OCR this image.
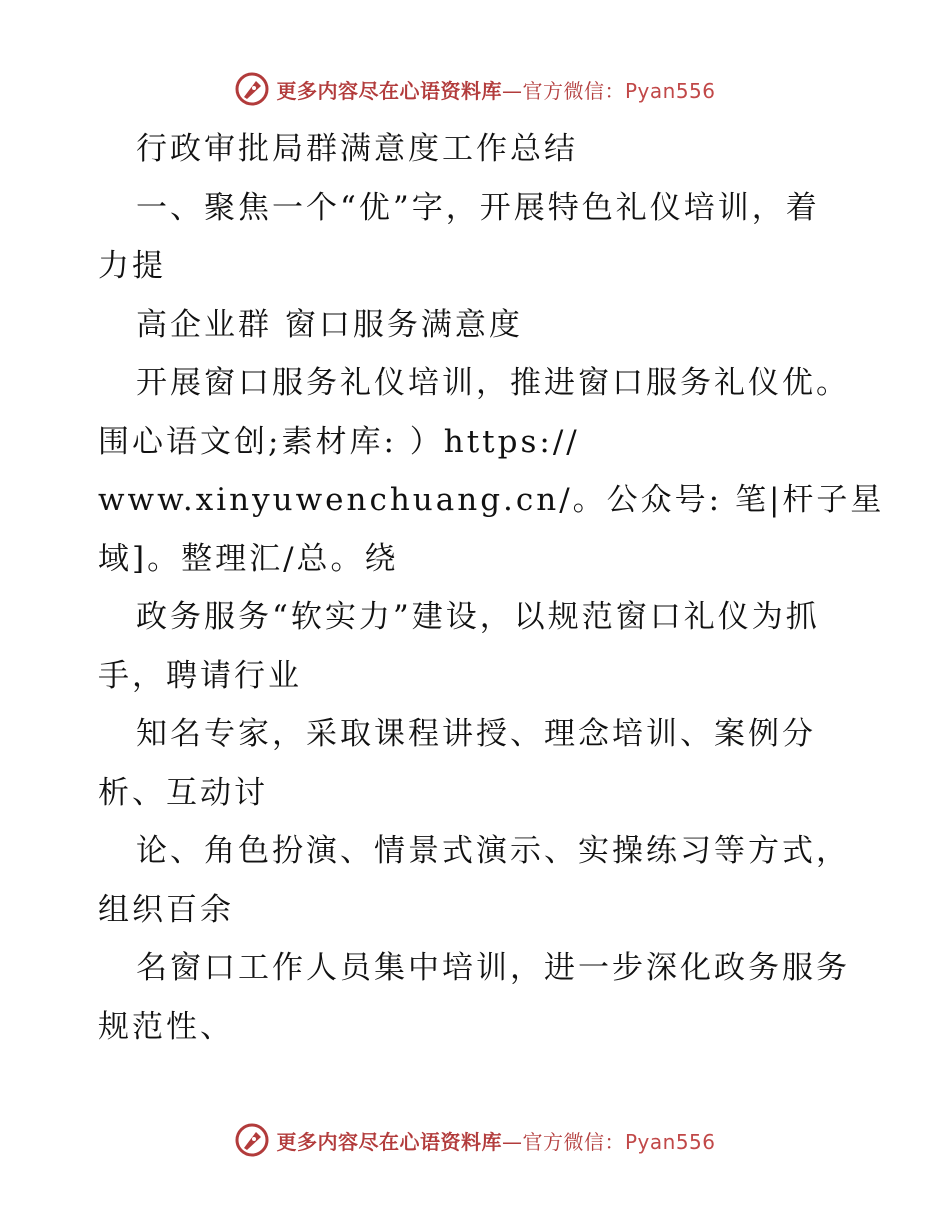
更多内容尽在心语资料库—官方微信：Pyan556
行政审批局群满意度工作总结
一、聚焦一个“优”字，开展特色礼仪培训，着
力提
高企业群 窗口服务满意度
开展窗口服务礼仪培训，推进窗口服务礼仪优。
围心语文创;素材库: ）https://
www.xinyuwenchuang.cn/。公众号: 笔|杆子星
域]。整理汇/总。绕
政务服务“软实力”建设，以规范窗口礼仪为抓
手，聘请行业
知名专家，采取课程讲授、理念培训、案例分
析、互动讨
论、角色扮演、情景式演示、实操练习等方式，
组织百余
名窗口工作人员集中培训，进一步深化政务服务
规范性、
更多内容尽在心语资料库—官方微信：Pyan556
